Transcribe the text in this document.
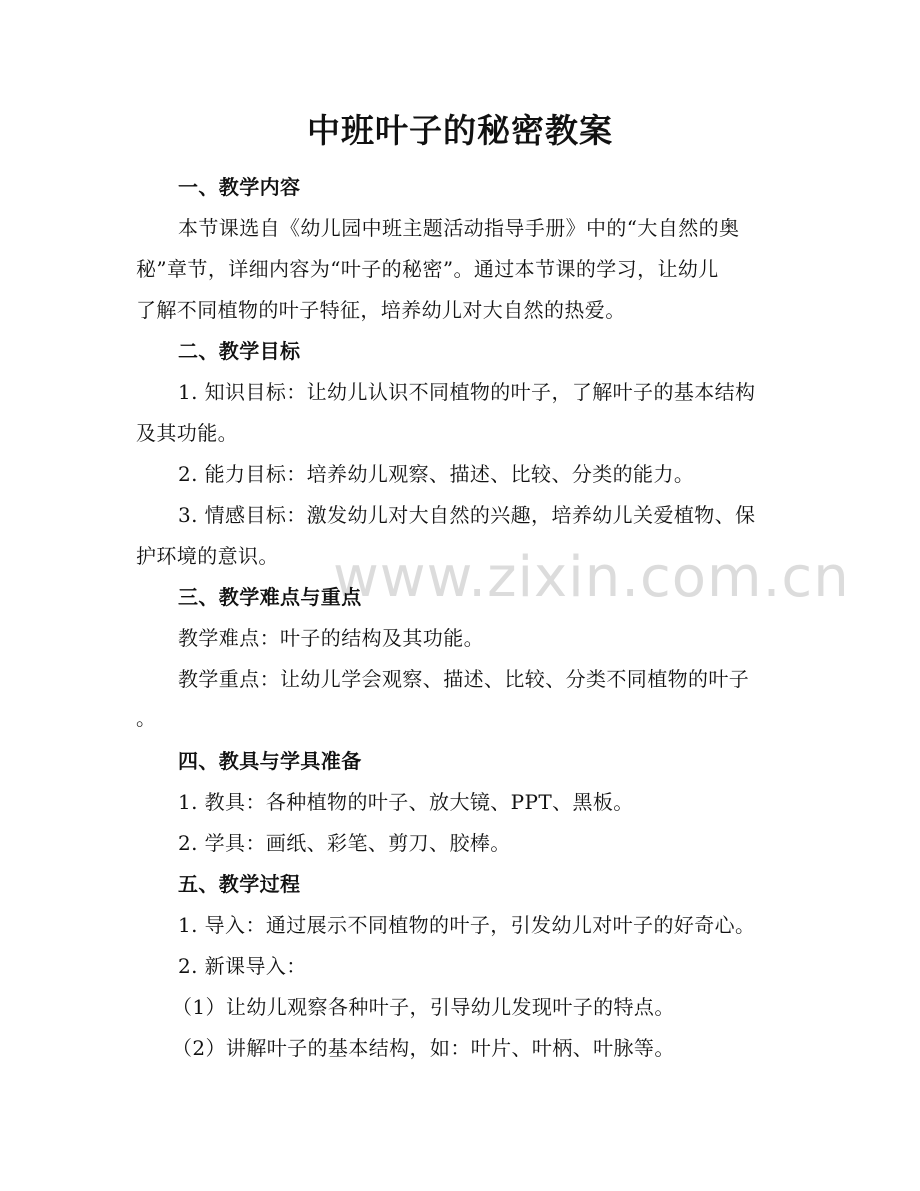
www.zixin.com.cn
中班叶子的秘密教案
一、教学内容
本节课选自《幼儿园中班主题活动指导手册》中的“大自然的奥
秘”章节，详细内容为“叶子的秘密”。通过本节课的学习，让幼儿
了解不同植物的叶子特征，培养幼儿对大自然的热爱。
二、教学目标
1. 知识目标：让幼儿认识不同植物的叶子，了解叶子的基本结构
及其功能。
2. 能力目标：培养幼儿观察、描述、比较、分类的能力。
3. 情感目标：激发幼儿对大自然的兴趣，培养幼儿关爱植物、保
护环境的意识。
三、教学难点与重点
教学难点：叶子的结构及其功能。
教学重点：让幼儿学会观察、描述、比较、分类不同植物的叶子
。
四、教具与学具准备
1. 教具：各种植物的叶子、放大镜、PPT、黑板。
2. 学具：画纸、彩笔、剪刀、胶棒。
五、教学过程
1. 导入：通过展示不同植物的叶子，引发幼儿对叶子的好奇心。
2. 新课导入：
（1）让幼儿观察各种叶子，引导幼儿发现叶子的特点。
（2）讲解叶子的基本结构，如：叶片、叶柄、叶脉等。
